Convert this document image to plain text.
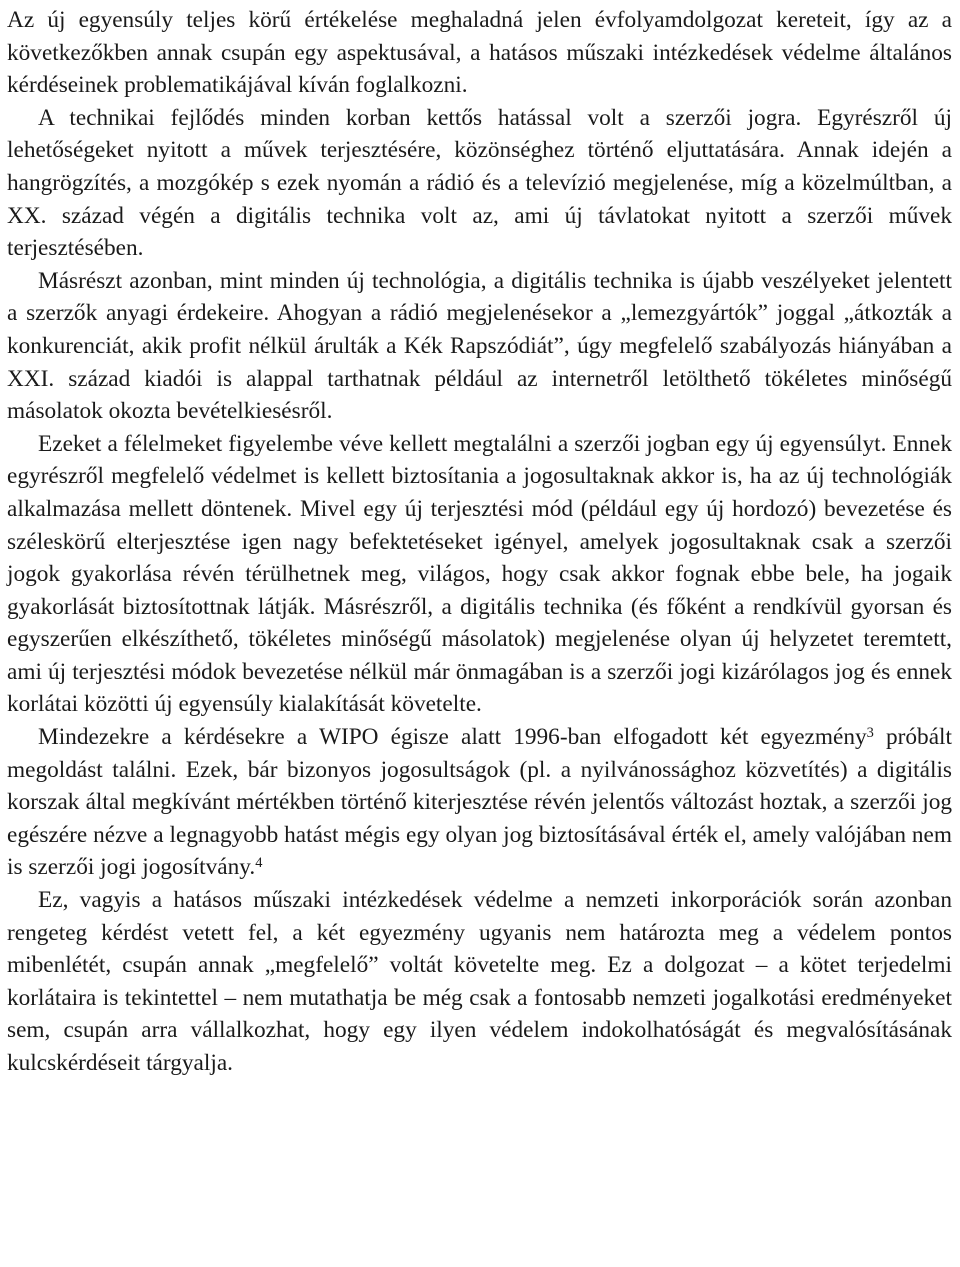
Az új egyensúly teljes körű értékelése meghaladná jelen évfolyamdolgozat kereteit, így az a következőkben annak csupán egy aspektusával, a hatásos műszaki intézkedések védelme általános kérdéseinek problematikájával kíván foglalkozni.

A technikai fejlődés minden korban kettős hatással volt a szerzői jogra. Egyrészről új lehetőségeket nyitott a művek terjesztésére, közönséghez történő eljuttatására. Annak idején a hangrögzítés, a mozgókép s ezek nyomán a rádió és a televízió megjelenése, míg a közelmúltban, a XX. század végén a digitális technika volt az, ami új távlatokat nyitott a szerzői művek terjesztésében.

Másrészt azonban, mint minden új technológia, a digitális technika is újabb veszélyeket jelentett a szerzők anyagi érdekeire. Ahogyan a rádió megjelenésekor a „lemezgyártók” joggal „átkozták a konkurenciát, akik profit nélkül árulták a Kék Rapszódiát”, úgy megfelelő szabályozás hiányában a XXI. század kiadói is alappal tarthatnak például az internetről letölthető tökéletes minőségű másolatok okozta bevételkiesésről.

Ezeket a félelmeket figyelembe véve kellett megtalálni a szerzői jogban egy új egyensúlyt. Ennek egyrészről megfelelő védelmet is kellett biztosítania a jogosultaknak akkor is, ha az új technológiák alkalmazása mellett döntenek. Mivel egy új terjesztési mód (például egy új hordozó) bevezetése és széleskörű elterjesztése igen nagy befektetéseket igényel, amelyek jogosultaknak csak a szerzői jogok gyakorlása révén térülhetnek meg, világos, hogy csak akkor fognak ebbe bele, ha jogaik gyakorlását biztosítottnak látják. Másrészről, a digitális technika (és főként a rendkívül gyorsan és egyszerűen elkészíthető, tökéletes minőségű másolatok) megjelenése olyan új helyzetet teremtett, ami új terjesztési módok bevezetése nélkül már önmagában is a szerzői jogi kizárólagos jog és ennek korlátai közötti új egyensúly kialakítását követelte.

Mindezekre a kérdésekre a WIPO égisze alatt 1996-ban elfogadott két egyezmény$^3$ próbált megoldást találni. Ezek, bár bizonyos jogosultságok (pl. a nyilvánossághoz közvetítés) a digitális korszak által megkívánt mértékben történő kiterjesztése révén jelentős változást hoztak, a szerzői jog egészére nézve a legnagyobb hatást mégis egy olyan jog biztosításával érték el, amely valójában nem is szerzői jogi jogosítvány.$^4$

Ez, vagyis a hatásos műszaki intézkedések védelme a nemzeti inkorporációk során azonban rengeteg kérdést vetett fel, a két egyezmény ugyanis nem határozta meg a védelem pontos mibenlétét, csupán annak „megfelelő” voltát követelte meg. Ez a dolgozat – a kötet terjedelmi korlátaira is tekintettel – nem mutathatja be még csak a fontosabb nemzeti jogalkotási eredményeket sem, csupán arra vállalkozhat, hogy egy ilyen védelem indokolhatóságát és megvalósításának kulcskérdéseit tárgyalja.
